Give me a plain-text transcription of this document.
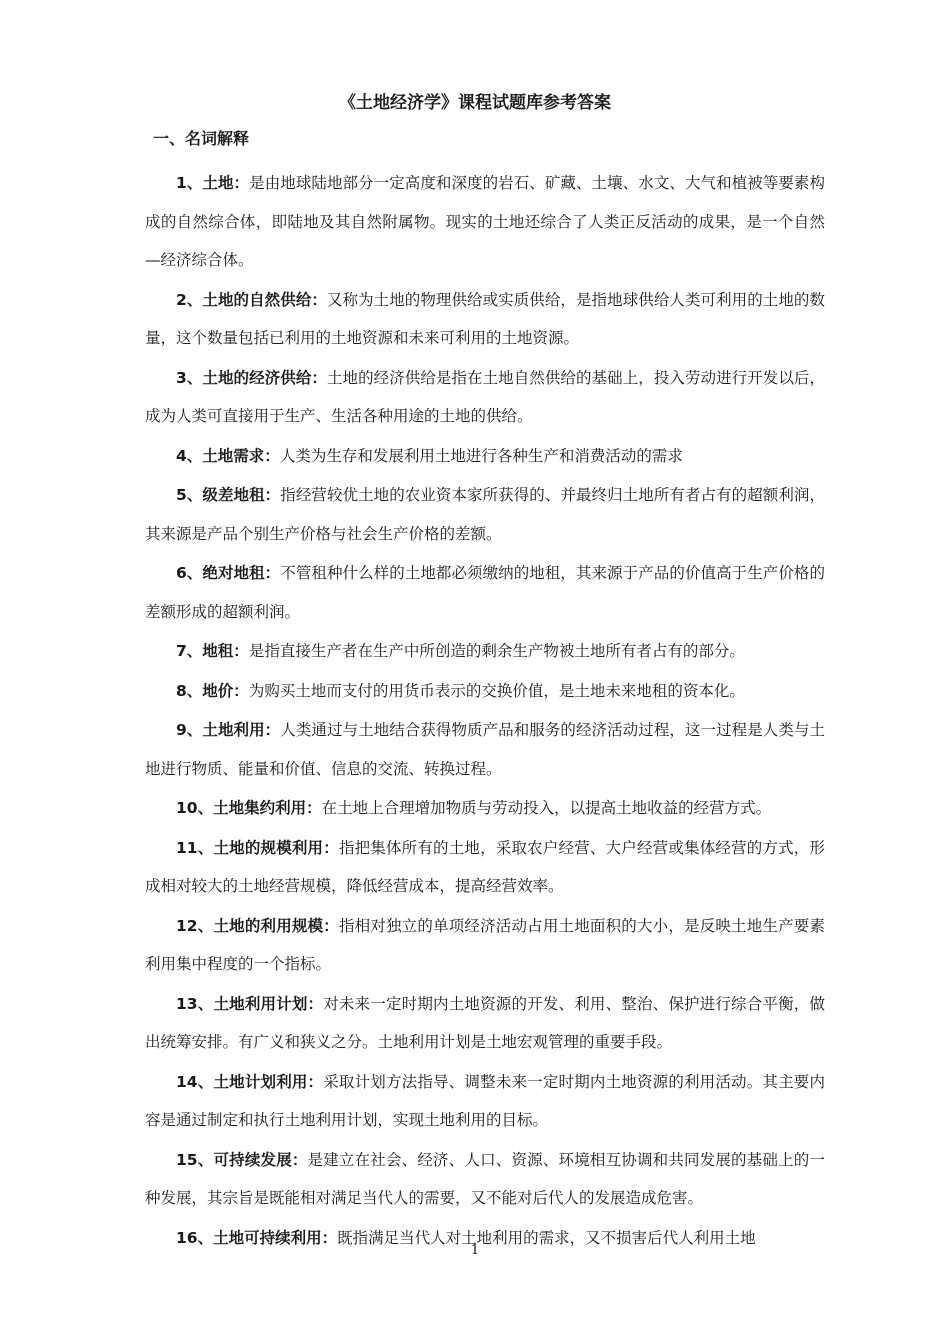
《土地经济学》课程试题库参考答案
一、名词解释

1、土地：是由地球陆地部分一定高度和深度的岩石、矿藏、土壤、水文、大气和植被等要素构成的自然综合体，即陆地及其自然附属物。现实的土地还综合了人类正反活动的成果，是一个自然—经济综合体。

2、土地的自然供给：又称为土地的物理供给或实质供给，是指地球供给人类可利用的土地的数量，这个数量包括已利用的土地资源和未来可利用的土地资源。

3、土地的经济供给：土地的经济供给是指在土地自然供给的基础上，投入劳动进行开发以后，成为人类可直接用于生产、生活各种用途的土地的供给。

4、土地需求：人类为生存和发展利用土地进行各种生产和消费活动的需求

5、级差地租：指经营较优土地的农业资本家所获得的、并最终归土地所有者占有的超额利润，其来源是产品个别生产价格与社会生产价格的差额。

6、绝对地租：不管租种什么样的土地都必须缴纳的地租，其来源于产品的价值高于生产价格的差额形成的超额利润。

7、地租：是指直接生产者在生产中所创造的剩余生产物被土地所有者占有的部分。

8、地价：为购买土地而支付的用货币表示的交换价值，是土地未来地租的资本化。

9、土地利用：人类通过与土地结合获得物质产品和服务的经济活动过程，这一过程是人类与土地进行物质、能量和价值、信息的交流、转换过程。

10、土地集约利用：在土地上合理增加物质与劳动投入，以提高土地收益的经营方式。

11、土地的规模利用：指把集体所有的土地，采取农户经营、大户经营或集体经营的方式，形成相对较大的土地经营规模，降低经营成本，提高经营效率。

12、土地的利用规模：指相对独立的单项经济活动占用土地面积的大小，是反映土地生产要素利用集中程度的一个指标。

13、土地利用计划：对未来一定时期内土地资源的开发、利用、整治、保护进行综合平衡，做出统筹安排。有广义和狭义之分。土地利用计划是土地宏观管理的重要手段。

14、土地计划利用：采取计划方法指导、调整未来一定时期内土地资源的利用活动。其主要内容是通过制定和执行土地利用计划，实现土地利用的目标。

15、可持续发展：是建立在社会、经济、人口、资源、环境相互协调和共同发展的基础上的一种发展，其宗旨是既能相对满足当代人的需要，又不能对后代人的发展造成危害。

16、土地可持续利用：既指满足当代人对土地利用的需求，又不损害后代人利用土地

1
